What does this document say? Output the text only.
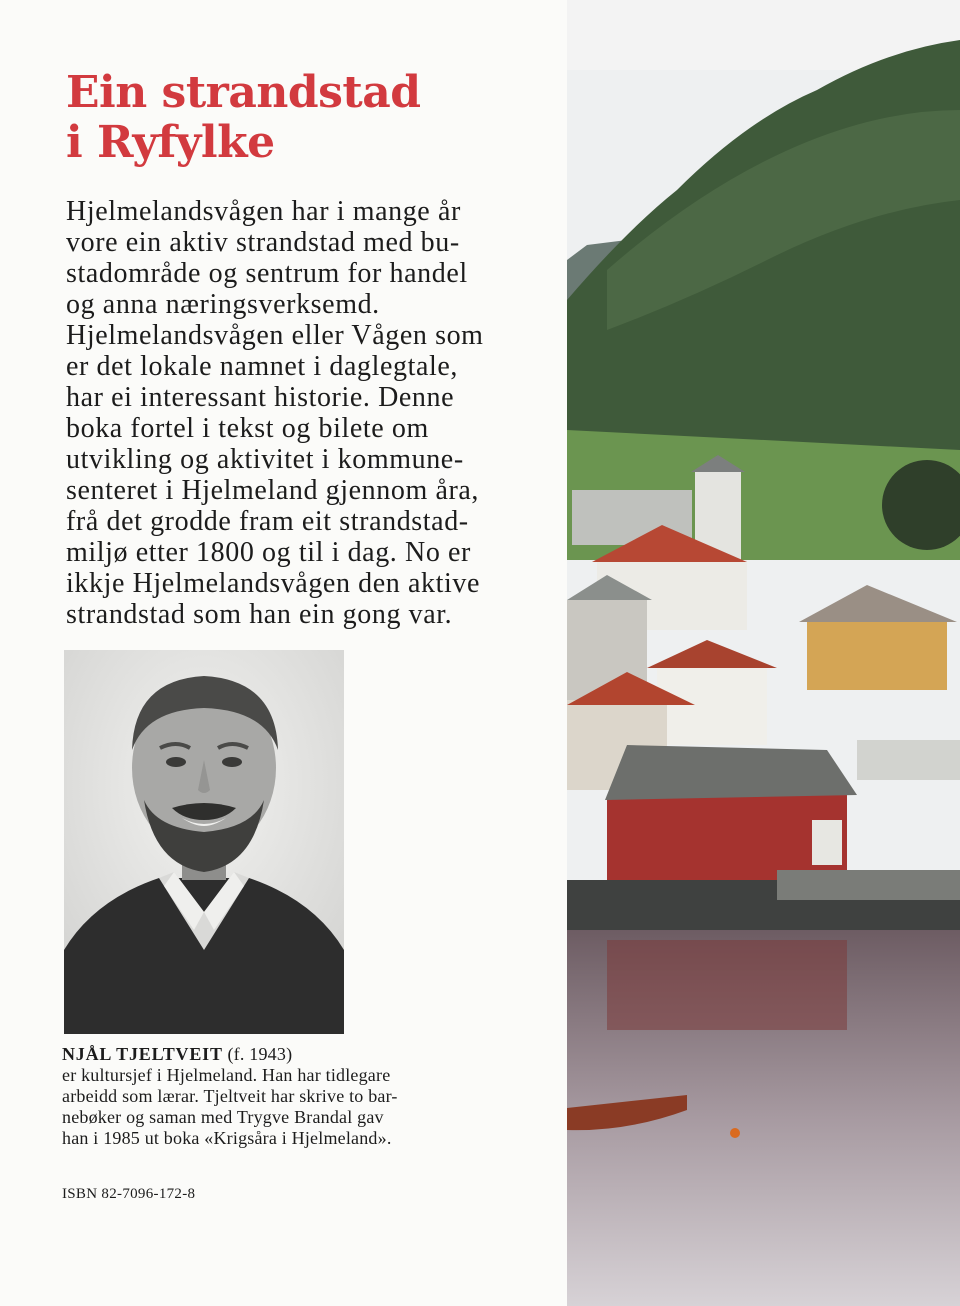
Ein strandstad
i Ryfylke
Hjelmelandsvågen har i mange år
vore ein aktiv strandstad med bu-
stadområde og sentrum for handel
og anna næringsverksemd.
Hjelmelandsvågen eller Vågen som
er det lokale namnet i daglegtale,
har ei interessant historie. Denne
boka fortel i tekst og bilete om
utvikling og aktivitet i kommune-
senteret i Hjelmeland gjennom åra,
frå det grodde fram eit strandstad-
miljø etter 1800 og til i dag. No er
ikkje Hjelmelandsvågen den aktive
strandstad som han ein gong var.
NJÅL TJELTVEIT (f. 1943)
er kultursjef i Hjelmeland. Han har tidlegare
arbeidd som lærar. Tjeltveit har skrive to bar-
nebøker og saman med Trygve Brandal gav
han i 1985 ut boka «Krigsåra i Hjelmeland».
ISBN 82-7096-172-8
